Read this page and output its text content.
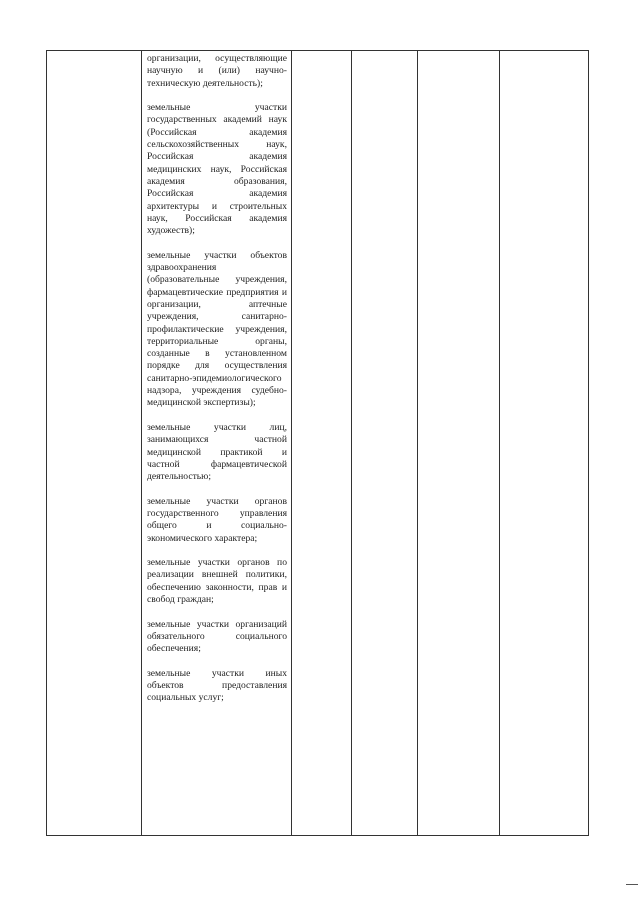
организации, осуществляющие научную и (или) научно-техническую деятельность);

земельные участки государственных академий наук (Российская академия сельскохозяйственных наук, Российская академия медицинских наук, Российская академия образования, Российская академия архитектуры и строительных наук, Российская академия художеств);

земельные участки объектов здравоохранения (образовательные учреждения, фармацевтические предприятия и организации, аптечные учреждения, санитарно-профилактические учреждения, территориальные органы, созданные в установленном порядке для осуществления санитарно-эпидемиологического надзора, учреждения судебно-медицинской экспертизы);

земельные участки лиц, занимающихся частной медицинской практикой и частной фармацевтической деятельностью;

земельные участки органов государственного управления общего и социально-экономического характера;

земельные участки органов по реализации внешней политики, обеспечению законности, прав и свобод граждан;

земельные участки организаций обязательного социального обеспечения;

земельные участки иных объектов предоставления социальных услуг;
